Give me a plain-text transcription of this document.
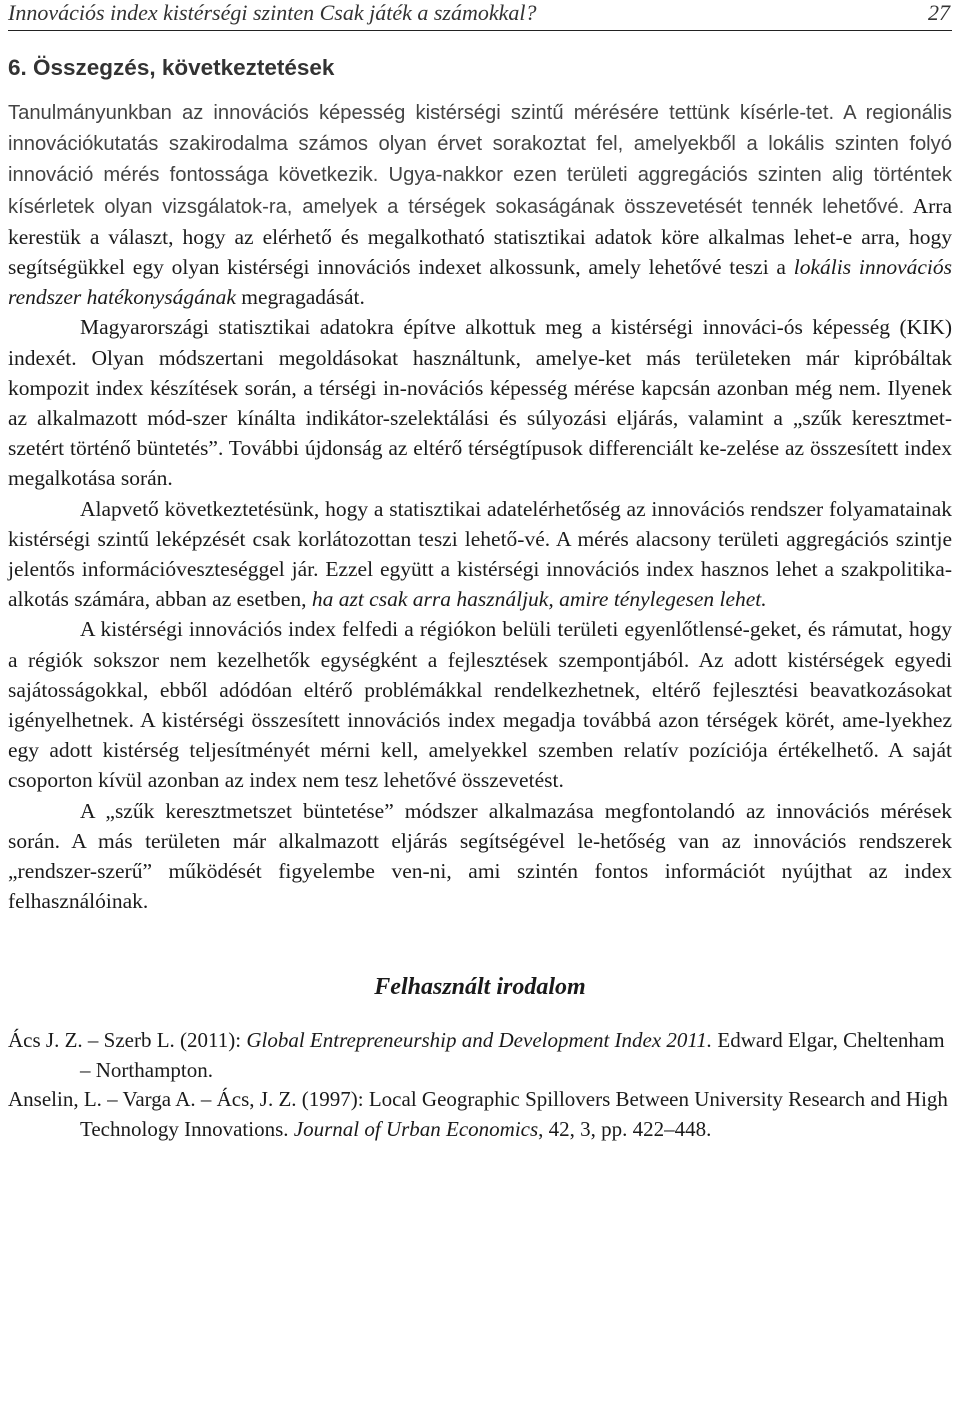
Innovációs index kistérségi szinten Csak játék a számokkal?	27
6. Összegzés, következtetések

Tanulmányunkban az innovációs képesség kistérségi szintű mérésére tettünk kísérle-tet. A regionális innovációkutatás szakirodalma számos olyan érvet sorakoztat fel, amelyekből a lokális szinten folyó innováció mérés fontossága következik. Ugya-nakkor ezen területi aggregációs szinten alig történtek kísérletek olyan vizsgálatok-ra, amelyek a térségek sokaságának összevetését tennék lehetővé. Arra kerestük a választ, hogy az elérhető és megalkotható statisztikai adatok köre alkalmas lehet-e arra, hogy segítségükkel egy olyan kistérségi innovációs indexet alkossunk, amely lehetővé teszi a lokális innovációs rendszer hatékonyságának megragadását.

Magyarországi statisztikai adatokra építve alkottuk meg a kistérségi innováci-ós képesség (KIK) indexét. Olyan módszertani megoldásokat használtunk, amelye-ket más területeken már kipróbáltak kompozit index készítések során, a térségi in-novációs képesség mérése kapcsán azonban még nem. Ilyenek az alkalmazott mód-szer kínálta indikátor-szelektálási és súlyozási eljárás, valamint a „szűk keresztmet-szetért történő büntetés”. További újdonság az eltérő térségtípusok differenciált ke-zelése az összesített index megalkotása során.

Alapvető következtetésünk, hogy a statisztikai adatelérhetőség az innovációs rendszer folyamatainak kistérségi szintű leképzését csak korlátozottan teszi lehető-vé. A mérés alacsony területi aggregációs szintje jelentős információveszteséggel jár. Ezzel együtt a kistérségi innovációs index hasznos lehet a szakpolitika-alkotás számára, abban az esetben, ha azt csak arra használjuk, amire ténylegesen lehet.

A kistérségi innovációs index felfedi a régiókon belüli területi egyenlőtlensé-geket, és rámutat, hogy a régiók sokszor nem kezelhetők egységként a fejlesztések szempontjából. Az adott kistérségek egyedi sajátosságokkal, ebből adódóan eltérő problémákkal rendelkezhetnek, eltérő fejlesztési beavatkozásokat igényelhetnek. A kistérségi összesített innovációs index megadja továbbá azon térségek körét, ame-lyekhez egy adott kistérség teljesítményét mérni kell, amelyekkel szemben relatív pozíciója értékelhető. A saját csoporton kívül azonban az index nem tesz lehetővé összevetést.

A „szűk keresztmetszet büntetése” módszer alkalmazása megfontolandó az innovációs mérések során. A más területen már alkalmazott eljárás segítségével le-hetőség van az innovációs rendszerek „rendszer-szerű” működését figyelembe ven-ni, ami szintén fontos információt nyújthat az index felhasználóinak.

Felhasznált irodalom

Ács J. Z. – Szerb L. (2011): Global Entrepreneurship and Development Index 2011. Edward Elgar, Cheltenham – Northampton.

Anselin, L. – Varga A. – Ács, J. Z. (1997): Local Geographic Spillovers Between University Research and High Technology Innovations. Journal of Urban Economics, 42, 3, pp. 422–448.
